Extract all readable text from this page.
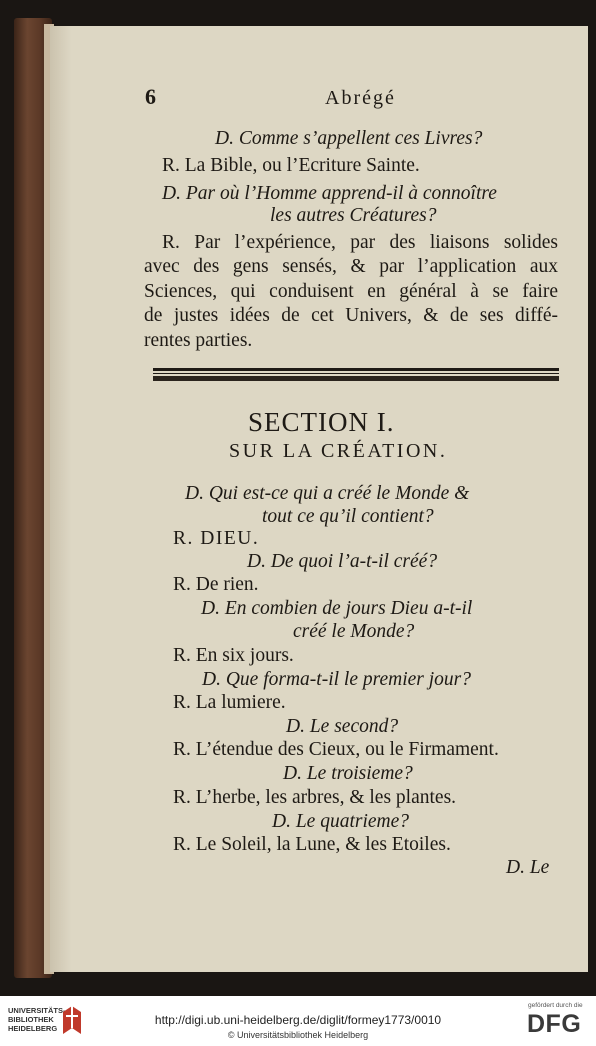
6	Abrégé
D. Comme s’appellent ces Livres?
R. La Bible, ou l’Ecriture Sainte.
D. Par où l’Homme apprend-il à connoître
les autres Créatures?
R. Par l’expérience, par des liaisons solides
avec des gens sensés, & par l’application aux
Sciences, qui conduisent en général à se faire
de justes idées de cet Univers, & de ses diffé-
rentes parties.
SECTION I.
SUR LA CRÉATION.
D. Qui est-ce qui a créé le Monde &
tout ce qu’il contient?
R. DIEU.
D. De quoi l’a-t-il créé?
R. De rien.
D. En combien de jours Dieu a-t-il
créé le Monde?
R. En six jours.
D. Que forma-t-il le premier jour?
R. La lumiere.
D. Le second?
R. L’étendue des Cieux, ou le Firmament.
D. Le troisieme?
R. L’herbe, les arbres, & les plantes.
D. Le quatrieme?
R. Le Soleil, la Lune, & les Etoiles.
D. Le
UNIVERSITÄTS-
BIBLIOTHEK
HEIDELBERG
http://digi.ub.uni-heidelberg.de/diglit/formey1773/0010
© Universitätsbibliothek Heidelberg
gefördert durch die
DFG
